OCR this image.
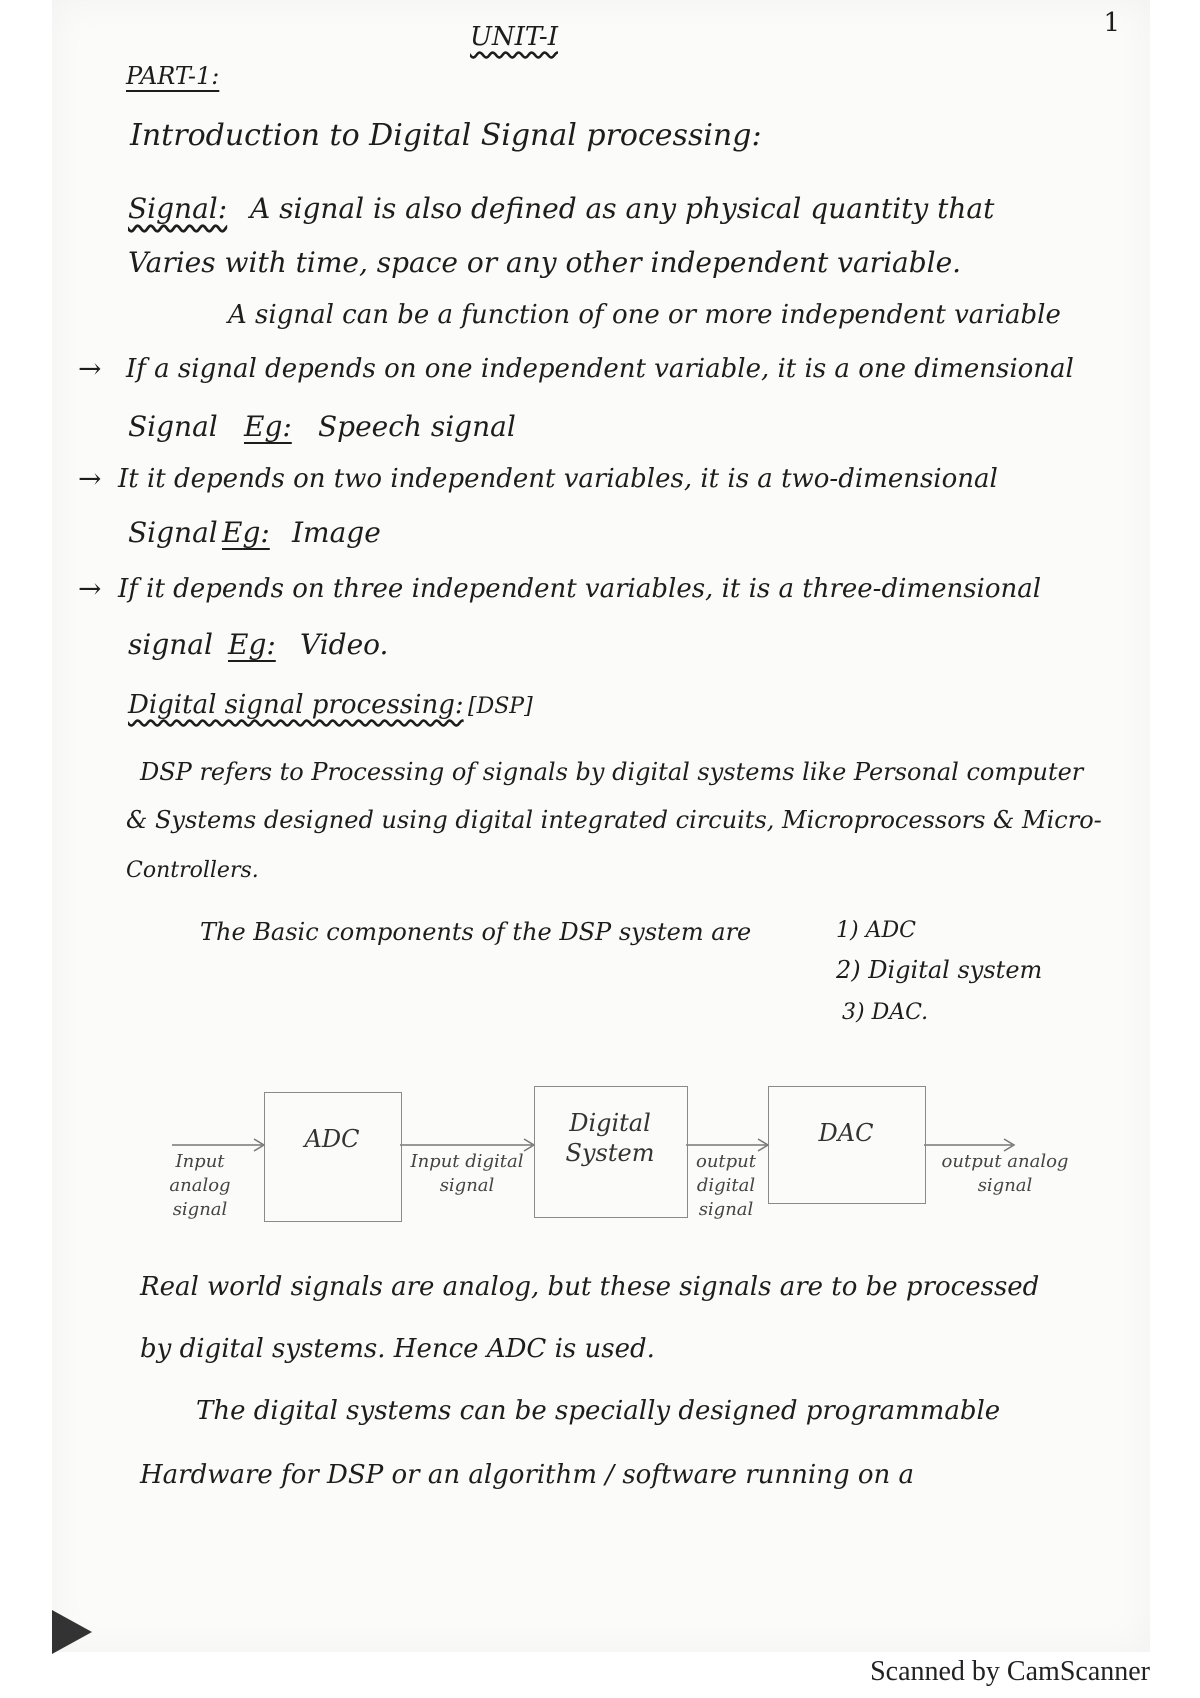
1
UNIT-I
PART-1:
Introduction to Digital Signal processing:
Signal: A signal is also defined as any physical quantity that
Varies with time, space or any other independent variable.
A signal can be a function of one or more independent variable
→ If a signal depends on one independent variable, it is a one dimensional
Signal Eg: Speech signal
→ It it depends on two independent variables, it is a two-dimensional
Signal Eg: Image
→ If it depends on three independent variables, it is a three-dimensional
signal Eg: Video.
Digital signal processing: [DSP]
DSP refers to Processing of signals by digital systems like Personal computer
& Systems designed using digital integrated circuits, Microprocessors & Micro-
Controllers.
The Basic components of the DSP system are	1) ADC
2) Digital system
3) DAC.
ADC
Digital
System
DAC
Input
analog
signal
Input digital
signal
output
digital
signal
output analog
signal
Real world signals are analog, but these signals are to be processed
by digital systems. Hence ADC is used.
The digital systems can be specially designed programmable
Hardware for DSP or an algorithm / software running on a
Scanned by CamScanner
